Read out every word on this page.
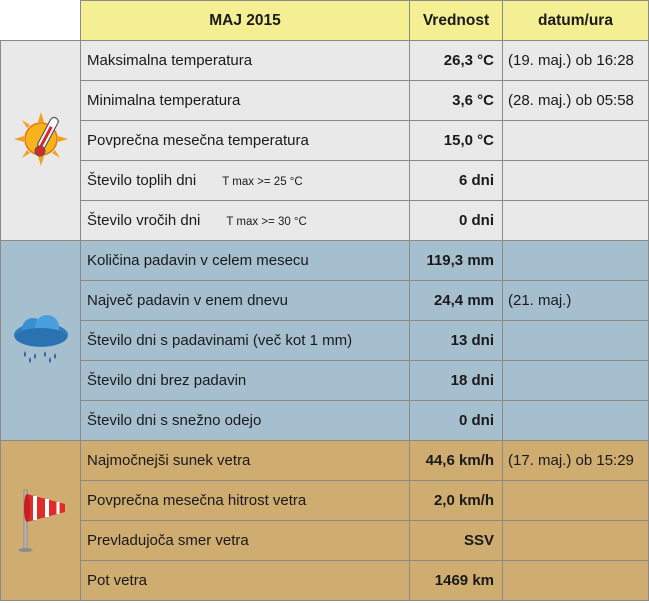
	MAJ 2015	Vrednost	datum/ura
	Maksimalna temperatura	26,3 °C	(19. maj.) ob 16:28
	Minimalna temperatura	3,6 °C	(28. maj.) ob 05:58
	Povprečna mesečna temperatura	15,0 °C	
	Število toplih dni T max >= 25 °C	6 dni	
	Število vročih dni T max >= 30 °C	0 dni	
	Količina padavin v celem mesecu	119,3 mm	
	Največ padavin v enem dnevu	24,4 mm	(21. maj.)
	Število dni s padavinami (več kot 1 mm)	13 dni	
	Število dni brez padavin	18 dni	
	Število dni s snežno odejo	0 dni	
	Najmočnejši sunek vetra	44,6 km/h	(17. maj.) ob 15:29
	Povprečna mesečna hitrost vetra	2,0 km/h	
	Prevladujoča smer vetra	SSV	
	Pot vetra	1469 km	
